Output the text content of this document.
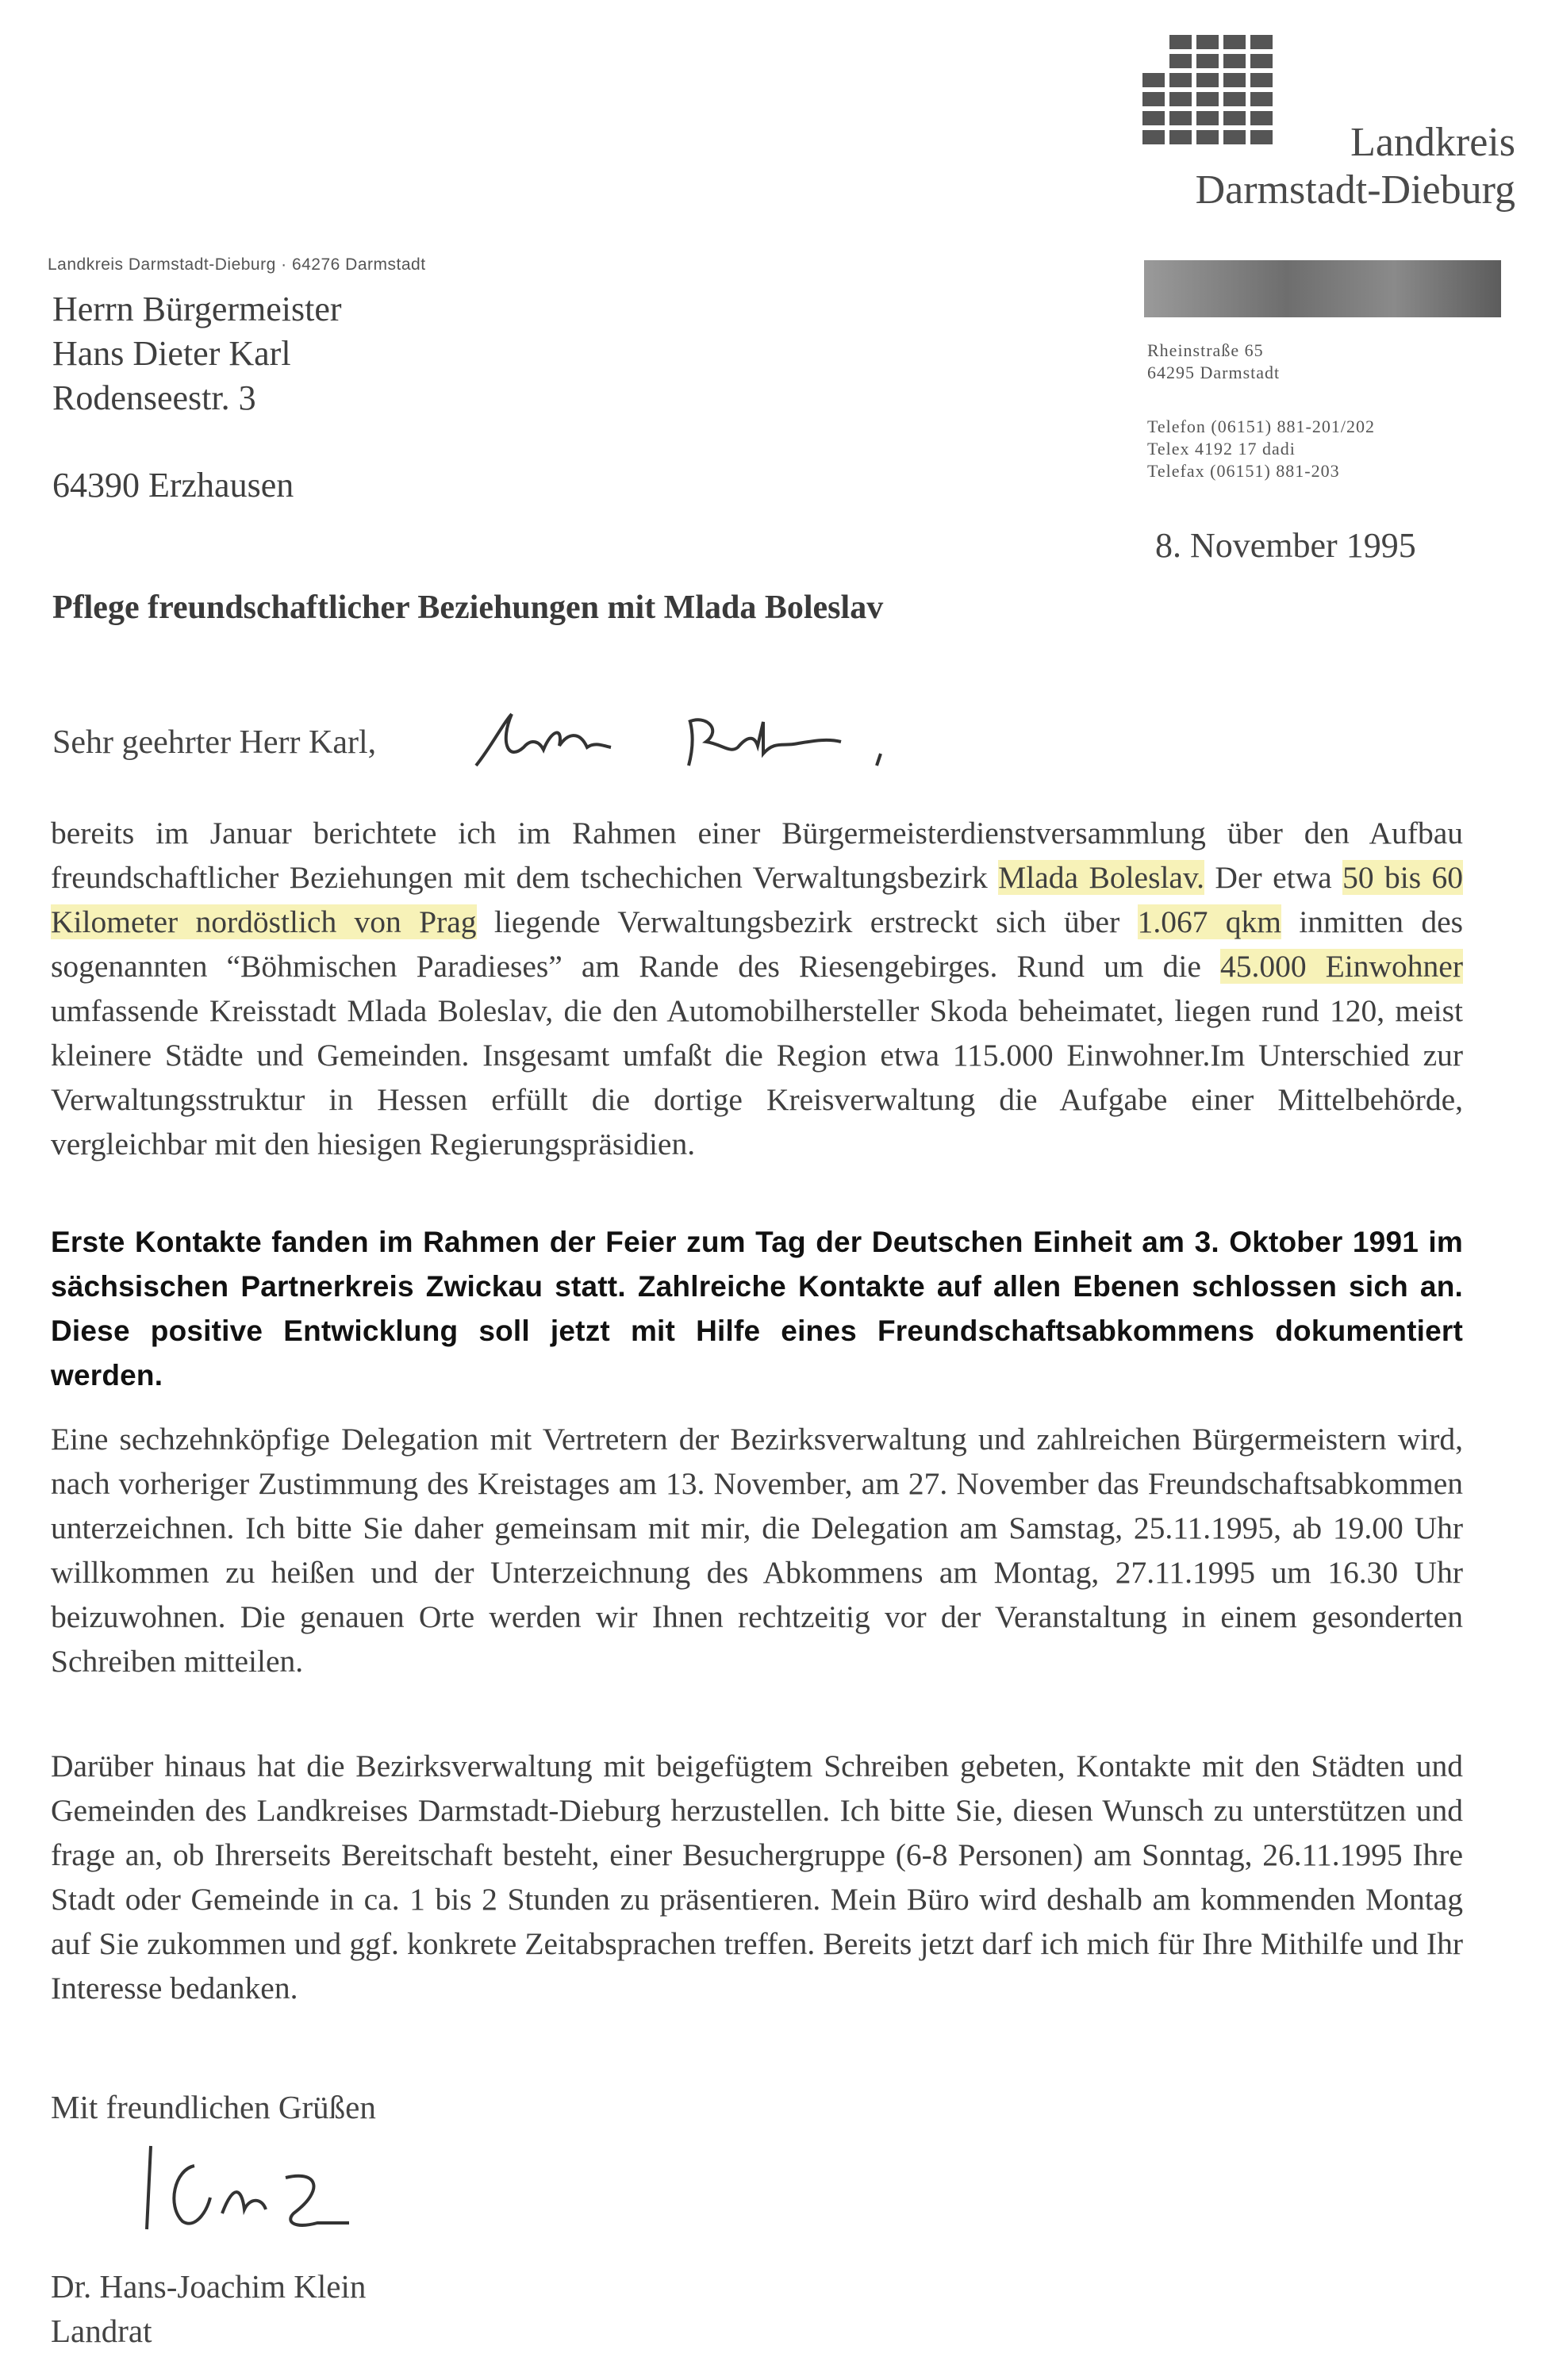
Landkreis
Darmstadt-Dieburg
Landkreis Darmstadt-Dieburg · 64276 Darmstadt
Herrn Bürgermeister
Hans Dieter Karl
Rodenseestr. 3
64390 Erzhausen
Rheinstraße 65
64295 Darmstadt
Telefon (06151) 881-201/202
Telex 4192 17 dadi
Telefax (06151) 881-203
8. November 1995
Pflege freundschaftlicher Beziehungen mit Mlada Boleslav
Sehr geehrter Herr Karl,
bereits im Januar berichtete ich im Rahmen einer Bürgermeisterdienstversammlung über den Aufbau freundschaftlicher Beziehungen mit dem tschechichen Verwaltungsbezirk Mlada Boleslav. Der etwa 50 bis 60 Kilometer nordöstlich von Prag liegende Verwaltungsbezirk erstreckt sich über 1.067 qkm inmitten des sogenannten “Böhmischen Paradieses” am Rande des Riesengebirges. Rund um die 45.000 Einwohner umfassende Kreisstadt Mlada Boleslav, die den Automobilhersteller Skoda beheimatet, liegen rund 120, meist kleinere Städte und Gemeinden. Insgesamt umfaßt die Region etwa 115.000 Einwohner.Im Unterschied zur Verwaltungsstruktur in Hessen erfüllt die dortige Kreisverwaltung die Aufgabe einer Mittelbehörde, vergleichbar mit den hiesigen Regierungspräsidien.
Erste Kontakte fanden im Rahmen der Feier zum Tag der Deutschen Einheit am 3. Oktober 1991 im sächsischen Partnerkreis Zwickau statt. Zahlreiche Kontakte auf allen Ebenen schlossen sich an. Diese positive Entwicklung soll jetzt mit Hilfe eines Freundschaftsabkommens dokumentiert werden.
Eine sechzehnköpfige Delegation mit Vertretern der Bezirksverwaltung und zahlreichen Bürgermeistern wird, nach vorheriger Zustimmung des Kreistages am 13. November, am 27. November das Freundschaftsabkommen unterzeichnen. Ich bitte Sie daher gemeinsam mit mir, die Delegation am Samstag, 25.11.1995, ab 19.00 Uhr willkommen zu heißen und der Unterzeichnung des Abkommens am Montag, 27.11.1995 um 16.30 Uhr beizuwohnen. Die genauen Orte werden wir Ihnen rechtzeitig vor der Veranstaltung in einem gesonderten Schreiben mitteilen.
Darüber hinaus hat die Bezirksverwaltung mit beigefügtem Schreiben gebeten, Kontakte mit den Städten und Gemeinden des Landkreises Darmstadt-Dieburg herzustellen. Ich bitte Sie, diesen Wunsch zu unterstützen und frage an, ob Ihrerseits Bereitschaft besteht, einer Besuchergruppe (6-8 Personen) am Sonntag, 26.11.1995 Ihre Stadt oder Gemeinde in ca. 1 bis 2 Stunden zu präsentieren. Mein Büro wird deshalb am kommenden Montag auf Sie zukommen und ggf. konkrete Zeitabsprachen treffen. Bereits jetzt darf ich mich für Ihre Mithilfe und Ihr Interesse bedanken.
Mit freundlichen Grüßen
Dr. Hans-Joachim Klein
Landrat
